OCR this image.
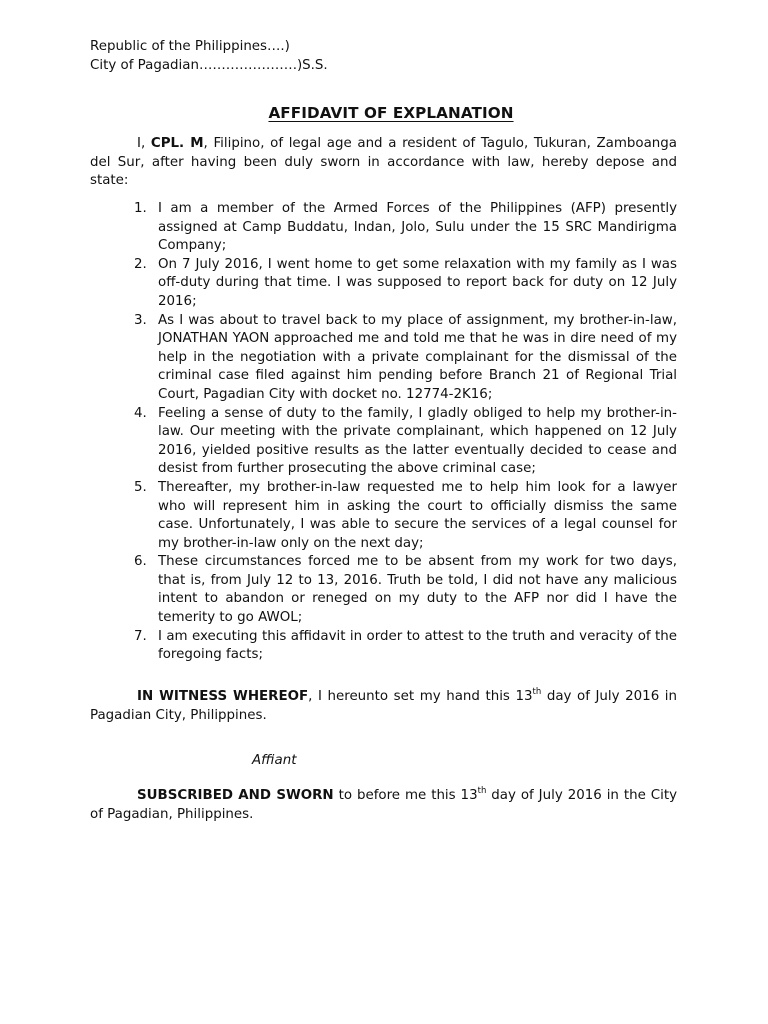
Republic of the Philippines….)
City of Pagadian………………….)S.S.
AFFIDAVIT OF EXPLANATION

I, CPL. M, Filipino, of legal age and a resident of Tagulo, Tukuran, Zamboanga del Sur, after having been duly sworn in accordance with law, hereby depose and state:

1. I am a member of the Armed Forces of the Philippines (AFP) presently assigned at Camp Buddatu, Indan, Jolo, Sulu under the 15 SRC Mandirigma Company;
2. On 7 July 2016, I went home to get some relaxation with my family as I was off-duty during that time. I was supposed to report back for duty on 12 July 2016;
3. As I was about to travel back to my place of assignment, my brother-in-law, JONATHAN YAON approached me and told me that he was in dire need of my help in the negotiation with a private complainant for the dismissal of the criminal case filed against him pending before Branch 21 of Regional Trial Court, Pagadian City with docket no. 12774-2K16;
4. Feeling a sense of duty to the family, I gladly obliged to help my brother-in-law. Our meeting with the private complainant, which happened on 12 July 2016, yielded positive results as the latter eventually decided to cease and desist from further prosecuting the above criminal case;
5. Thereafter, my brother-in-law requested me to help him look for a lawyer who will represent him in asking the court to officially dismiss the same case. Unfortunately, I was able to secure the services of a legal counsel for my brother-in-law only on the next day;
6. These circumstances forced me to be absent from my work for two days, that is, from July 12 to 13, 2016. Truth be told, I did not have any malicious intent to abandon or reneged on my duty to the AFP nor did I have the temerity to go AWOL;
7. I am executing this affidavit in order to attest to the truth and veracity of the foregoing facts;

IN WITNESS WHEREOF, I hereunto set my hand this 13th day of July 2016 in Pagadian City, Philippines.

Affiant

SUBSCRIBED AND SWORN to before me this 13th day of July 2016 in the City of Pagadian, Philippines.
